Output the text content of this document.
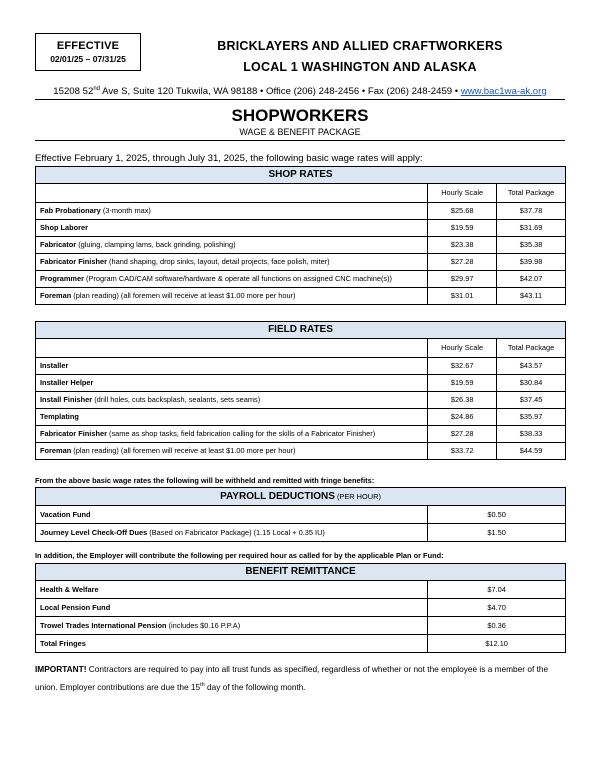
EFFECTIVE
02/01/25 – 07/31/25
BRICKLAYERS AND ALLIED CRAFTWORKERS
LOCAL 1 WASHINGTON AND ALASKA
15208 52nd Ave S, Suite 120 Tukwila, WA 98188 • Office (206) 248-2456 • Fax (206) 248-2459 • www.bac1wa-ak.org
SHOPWORKERS
WAGE & BENEFIT PACKAGE
Effective February 1, 2025, through July 31, 2025, the following basic wage rates will apply:
SHOP RATES		
	Hourly Scale	Total Package
Fab Probationary (3-month max)	$25.68	$37.78
Shop Laborer	$19.59	$31.69
Fabricator (gluing, clamping lams, back grinding, polishing)	$23.38	$35.38
Fabricator Finisher (hand shaping, drop sinks, layout, detail projects, face polish, miter)	$27.28	$39.98
Programmer (Program CAD/CAM software/hardware & operate all functions on assigned CNC machine(s))	$29.97	$42.07
Foreman (plan reading) (all foremen will receive at least $1.00 more per hour)	$31.01	$43.11
FIELD RATES		
	Hourly Scale	Total Package
Installer	$32.67	$43.57
Installer Helper	$19.59	$30.84
Install Finisher (drill holes, cuts backsplash, sealants, sets seams)	$26.38	$37.45
Templating	$24.86	$35.97
Fabricator Finisher (same as shop tasks, field fabrication calling for the skills of a Fabricator Finisher)	$27.28	$38.33
Foreman (plan reading) (all foremen will receive at least $1.00 more per hour)	$33.72	$44.59
From the above basic wage rates the following will be withheld and remitted with fringe benefits:
PAYROLL DEDUCTIONS (PER HOUR)	
Vacation Fund	$0.50
Journey Level Check-Off Dues (Based on Fabricator Package) (1.15 Local + 0.35 IU)	$1.50
In addition, the Employer will contribute the following per required hour as called for by the applicable Plan or Fund:
BENEFIT REMITTANCE	
Health & Welfare	$7.04
Local Pension Fund	$4.70
Trowel Trades International Pension (includes $0.16 P.P.A)	$0.36
Total Fringes	$12.10
IMPORTANT! Contractors are required to pay into all trust funds as specified, regardless of whether or not the employee is a member of the union. Employer contributions are due the 15th day of the following month.
